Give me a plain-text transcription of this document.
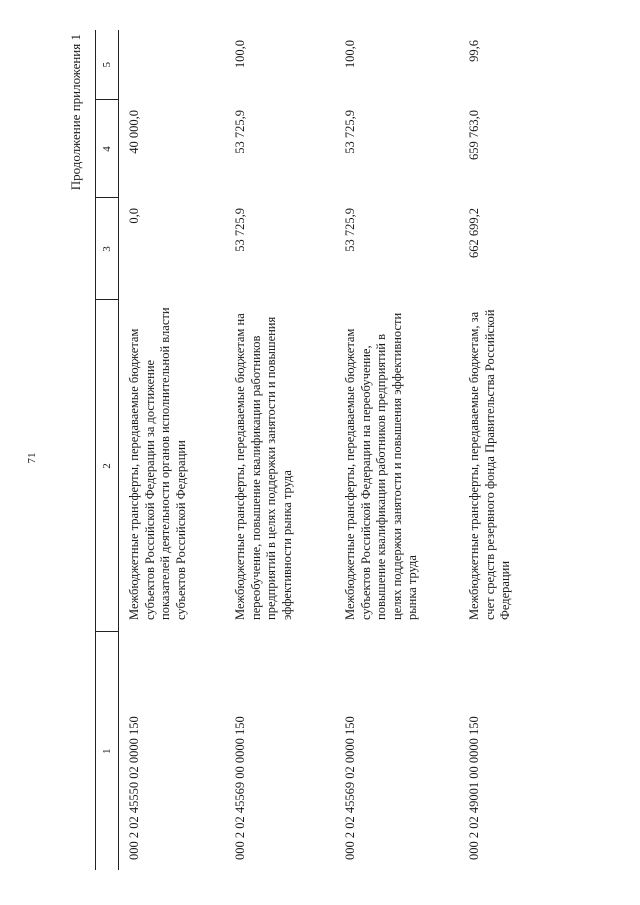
71
Продолжение приложения 1
1	2	3	4	5
000 2 02 45550 02 0000 150	Межбюджетные трансферты, передаваемые бюджетам субъектов Российской Федерации за достижение показателей деятельности органов исполнительной власти субъектов Российской Федерации	0,0	40 000,0	
000 2 02 45569 00 0000 150	Межбюджетные трансферты, передаваемые бюджетам на переобучение, повышение квалификации работников предприятий в целях поддержки занятости и повышения эффективности рынка труда	53 725,9	53 725,9	100,0
000 2 02 45569 02 0000 150	Межбюджетные трансферты, передаваемые бюджетам субъектов Российской Федерации на переобучение, повышение квалификации работников предприятий в целях поддержки занятости и повышения эффективности рынка труда	53 725,9	53 725,9	100,0
000 2 02 49001 00 0000 150	Межбюджетные трансферты, передаваемые бюджетам, за счет средств резервного фонда Правительства Российской Федерации	662 699,2	659 763,0	99,6
